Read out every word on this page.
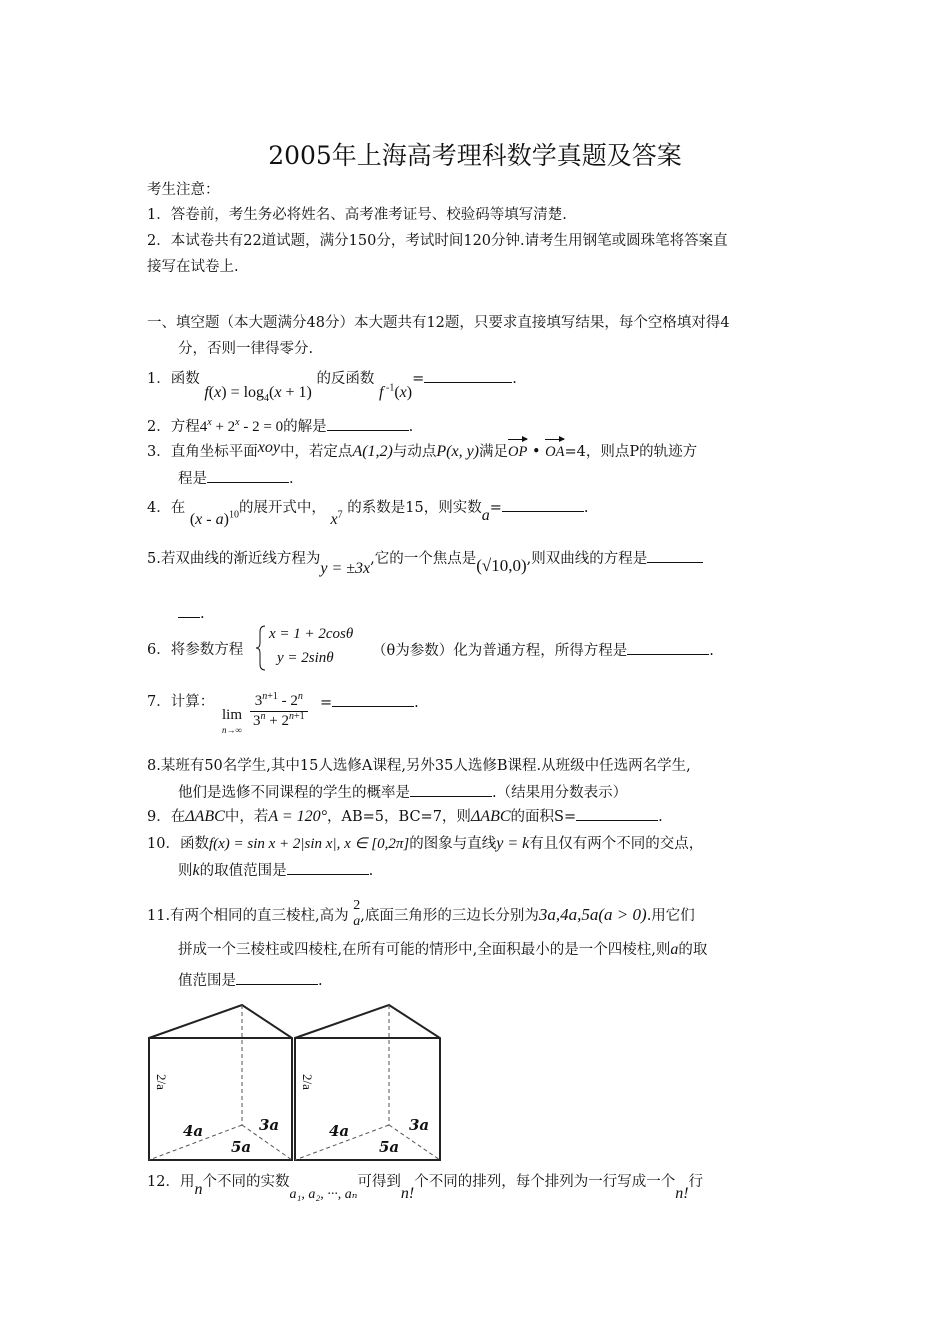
2005年上海高考理科数学真题及答案
考生注意：
1．答卷前，考生务必将姓名、高考准考证号、校验码等填写清楚.
2．本试卷共有22道试题，满分150分，考试时间120分钟.请考生用钢笔或圆珠笔将答案直
接写在试卷上.
一、填空题（本大题满分48分）本大题共有12题，只要求直接填写结果，每个空格填对得4
分，否则一律得零分.
1．函数 $f(x) = \log_4(x + 1)$ 的反函数 f $^{-1}$(x)=	.
2．方程$4^x + 2^x - 2 = 0$的解是	.
3．直角坐标平面xoy中，若定点A(1,2)与动点P(x, y)满足OP • OA=4，则点P的轨迹方
程是	.
4．在 (x - a)$^{10}$的展开式中， $x^7$ 的系数是15，则实数a=	.
5.若双曲线的渐近线方程为y = ±3x,它的一个焦点是(√10,0),则双曲线的方程是
.
6．将参数方程
x = 1 + 2cosθ
y = 2sinθ	（θ为参数）化为普通方程，所得方程是	.
7．计算：
lim
$n\to\infty \frac{3^{n+1} - 2^n}{3^n + 2^{n+1}}$ =	.
8.某班有50名学生,其中15人选修A课程,另外35人选修B课程.从班级中任选两名学生,
他们是选修不同课程的学生的概率是	.（结果用分数表示）
9．在ΔABC中，若A = 120°，AB=5，BC=7，则ΔABC的面积S=	.
10．函数f(x) = sin x + 2|sin x|, x ∈ [0,2π]的图象与直线y = k有且仅有两个不同的交点，
则k的取值范围是	.
11.有两个相同的直三棱柱,高为
2
a ,底面三角形的三边长分别为3a,4a,5a(a > 0).用它们
拼成一个三棱柱或四棱柱,在所有可能的情形中,全面积最小的是一个四棱柱,则a的取
值范围是	.
2/a
4a	3a
5a
2/a
4a	3a
5a
12．用n个不同的实数a₁, a₂, ···, aₙ可得到n!个不同的排列，每个排列为一行写成一个n!行
